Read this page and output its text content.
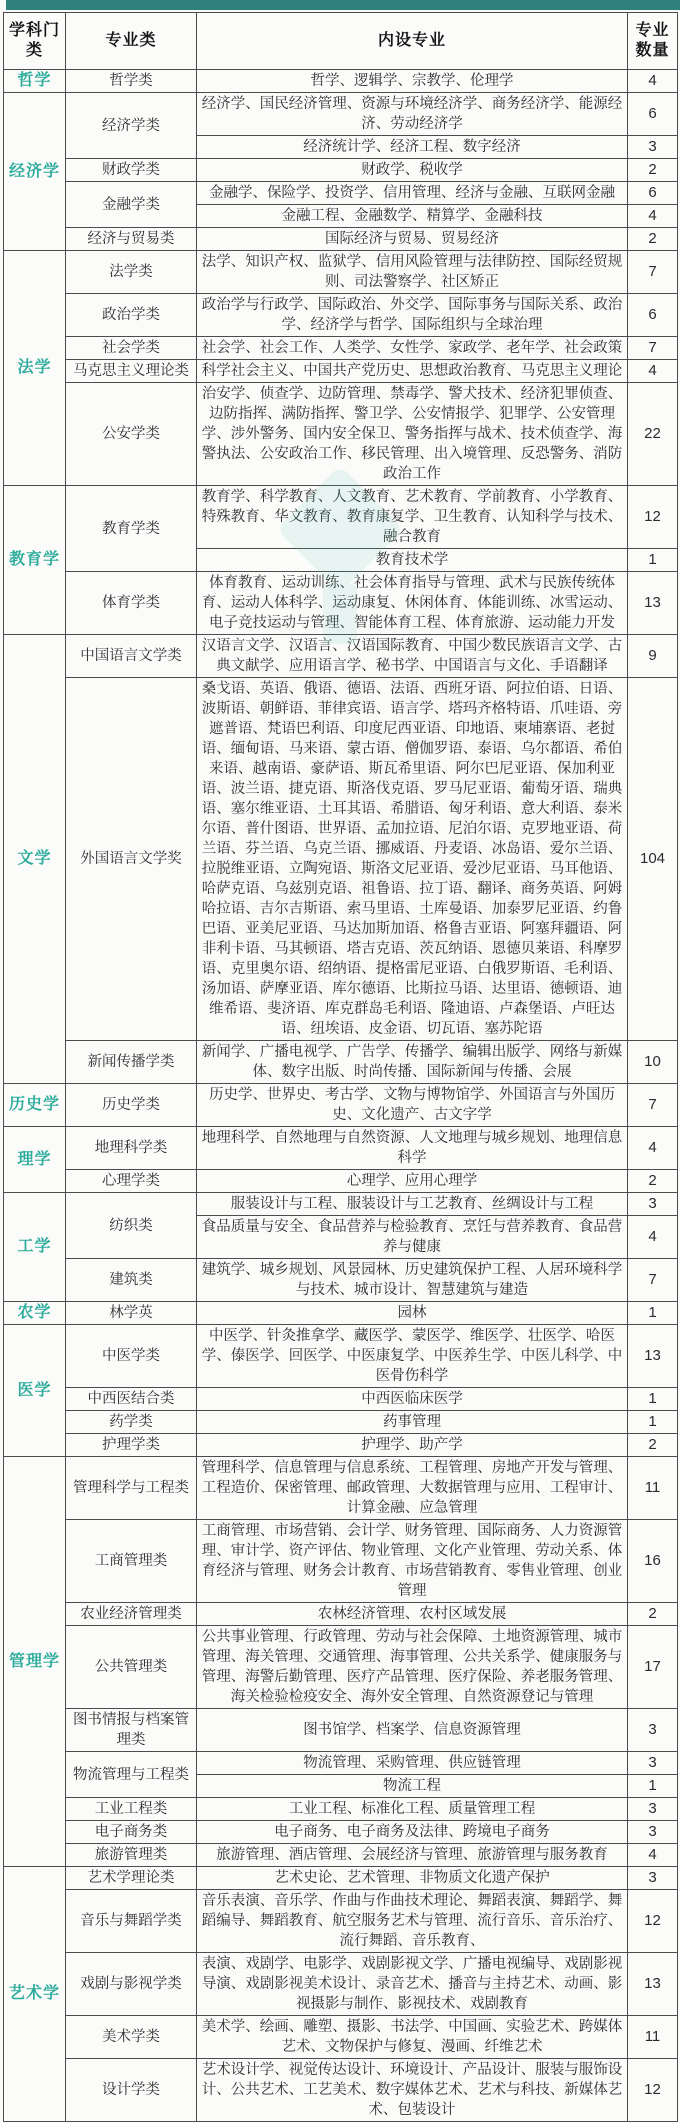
学科门类	专业类	内设专业	专业数量
哲学	哲学类	哲学、逻辑学、宗教学、伦理学	4
经济学	经济学类	经济学、国民经济管理、资源与环境经济学、商务经济学、能源经济、劳动经济学	6
		经济统计学、经济工程、数字经济	3
	财政学类	财政学、税收学	2
	金融学类	金融学、保险学、投资学、信用管理、经济与金融、互联网金融	6
		金融工程、金融数学、精算学、金融科技	4
	经济与贸易类	国际经济与贸易、贸易经济	2
法学	法学类	法学、知识产权、监狱学、信用风险管理与法律防控、国际经贸规则、司法警察学、社区矫正	7
	政治学类	政治学与行政学、国际政治、外交学、国际事务与国际关系、政治学、经济学与哲学、国际组织与全球治理	6
	社会学类	社会学、社会工作、人类学、女性学、家政学、老年学、社会政策	7
	马克思主义理论类	科学社会主义、中国共产党历史、思想政治教育、马克思主义理论	4
	公安学类	治安学、侦查学、边防管理、禁毒学、警犬技术、经济犯罪侦查、边防指挥、满防指挥、警卫学、公安情报学、犯罪学、公安管理学、涉外警务、国内安全保卫、警务指挥与战术、技术侦查学、海警执法、公安政治工作、移民管理、出入境管理、反恐警务、消防政治工作	22
教育学	教育学类	教育学、科学教育、人文教育、艺术教育、学前教育、小学教育、特殊教育、华文教育、教育康复学、卫生教育、认知科学与技术、融合教育	12
		教育技术学	1
	体育学类	体育教育、运动训练、社会体育指导与管理、武术与民族传统体育、运动人体科学、运动康复、休闲体育、体能训练、冰雪运动、电子竞技运动与管理、智能体育工程、体育旅游、运动能力开发	13
文学	中国语言文学类	汉语言文学、汉语言、汉语国际教育、中国少数民族语言文学、古典文献学、应用语言学、秘书学、中国语言与文化、手语翻译	9
	外国语言文学奖	桑戈语、英语、俄语、德语、法语、西班牙语、阿拉伯语、日语、波斯语、朝鲜语、菲律宾语、语言学、塔玛齐格特语、爪哇语、旁遮普语、梵语巴利语、印度尼西亚语、印地语、柬埔寨语、老挝语、缅甸语、马来语、蒙古语、僧伽罗语、泰语、乌尔都语、希伯来语、越南语、豪萨语、斯瓦希里语、阿尔巴尼亚语、保加利亚语、波兰语、捷克语、斯洛伐克语、罗马尼亚语、葡萄牙语、瑞典语、塞尔维亚语、土耳其语、希腊语、匈牙利语、意大利语、泰米尔语、普什图语、世界语、孟加拉语、尼泊尔语、克罗地亚语、荷兰语、芬兰语、乌克兰语、挪威语、丹麦语、冰岛语、爱尔兰语、拉脱维亚语、立陶宛语、斯洛文尼亚语、爱沙尼亚语、马耳他语、哈萨克语、乌兹别克语、祖鲁语、拉丁语、翻译、商务英语、阿姆哈拉语、吉尔吉斯语、索马里语、土库曼语、加泰罗尼亚语、约鲁巴语、亚美尼亚语、马达加斯加语、格鲁吉亚语、阿塞拜疆语、阿非利卡语、马其顿语、塔吉克语、茨瓦纳语、恩德贝莱语、科摩罗语、克里奥尔语、绍纳语、提格雷尼亚语、白俄罗斯语、毛利语、汤加语、萨摩亚语、库尔德语、比斯拉马语、达里语、德顿语、迪维希语、斐济语、库克群岛毛利语、隆迪语、卢森堡语、卢旺达语、纽埃语、皮金语、切瓦语、塞苏陀语	104
	新闻传播学类	新闻学、广播电视学、广告学、传播学、编辑出版学、网络与新媒体、数字出版、时尚传播、国际新闻与传播、会展	10
历史学	历史学类	历史学、世界史、考古学、文物与博物馆学、外国语言与外国历史、文化遗产、古文字学	7
理学	地理科学类	地理科学、自然地理与自然资源、人文地理与城乡规划、地理信息科学	4
	心理学类	心理学、应用心理学	2
工学	纺织类	服装设计与工程、服装设计与工艺教育、丝绸设计与工程	3
		食品质量与安全、食品营养与检验教育、烹饪与营养教育、食品营养与健康	4
	建筑类	建筑学、城乡规划、风景园林、历史建筑保护工程、人居环境科学与技术、城市设计、智慧建筑与建造	7
农学	林学英	园林	1
医学	中医学类	中医学、针灸推拿学、藏医学、蒙医学、维医学、壮医学、哈医学、傣医学、回医学、中医康复学、中医养生学、中医儿科学、中医骨伤科学	13
	中西医结合类	中西医临床医学	1
	药学类	药事管理	1
	护理学类	护理学、助产学	2
管理学	管理科学与工程类	管理科学、信息管理与信息系统、工程管理、房地产开发与管理、工程造价、保密管理、邮政管理、大数据管理与应用、工程审计、计算金融、应急管理	11
	工商管理类	工商管理、市场营销、会计学、财务管理、国际商务、人力资源管理、审计学、资产评估、物业管理、文化产业管理、劳动关系、体育经济与管理、财务会计教育、市场营销教育、零售业管理、创业管理	16
	农业经济管理类	农林经济管理、农村区域发展	2
	公共管理类	公共事业管理、行政管理、劳动与社会保障、土地资源管理、城市管理、海关管理、交通管理、海事管理、公共关系学、健康服务与管理、海警后勤管理、医疗产品管理、医疗保险、养老服务管理、海关检验检疫安全、海外安全管理、自然资源登记与管理	17
	图书情报与档案管理类	图书馆学、档案学、信息资源管理	3
	物流管理与工程类	物流管理、采购管理、供应链管理	3
		物流工程	1
	工业工程类	工业工程、标准化工程、质量管理工程	3
	电子商务类	电子商务、电子商务及法律、跨境电子商务	3
	旅游管理类	旅游管理、酒店管理、会展经济与管理、旅游管理与服务教育	4
艺术学	艺术学理论类	艺术史论、艺术管理、非物质文化遗产保护	3
	音乐与舞蹈学类	音乐表演、音乐学、作曲与作曲技术理论、舞蹈表演、舞蹈学、舞蹈编导、舞蹈教育、航空服务艺术与管理、流行音乐、音乐治疗、流行舞蹈、音乐教育、	12
	戏剧与影视学类	表演、戏剧学、电影学、戏剧影视文学、广播电视编导、戏剧影视导演、戏剧影视美术设计、录音艺术、播音与主持艺术、动画、影视摄影与制作、影视技术、戏剧教育	13
	美术学类	美术学、绘画、雕塑、摄影、书法学、中国画、实验艺术、跨媒体艺术、文物保护与修复、漫画、纤维艺术	11
	设计学类	艺术设计学、视觉传达设计、环境设计、产品设计、服装与服饰设计、公共艺术、工艺美术、数字媒体艺术、艺术与科技、新媒体艺术、包装设计	12
